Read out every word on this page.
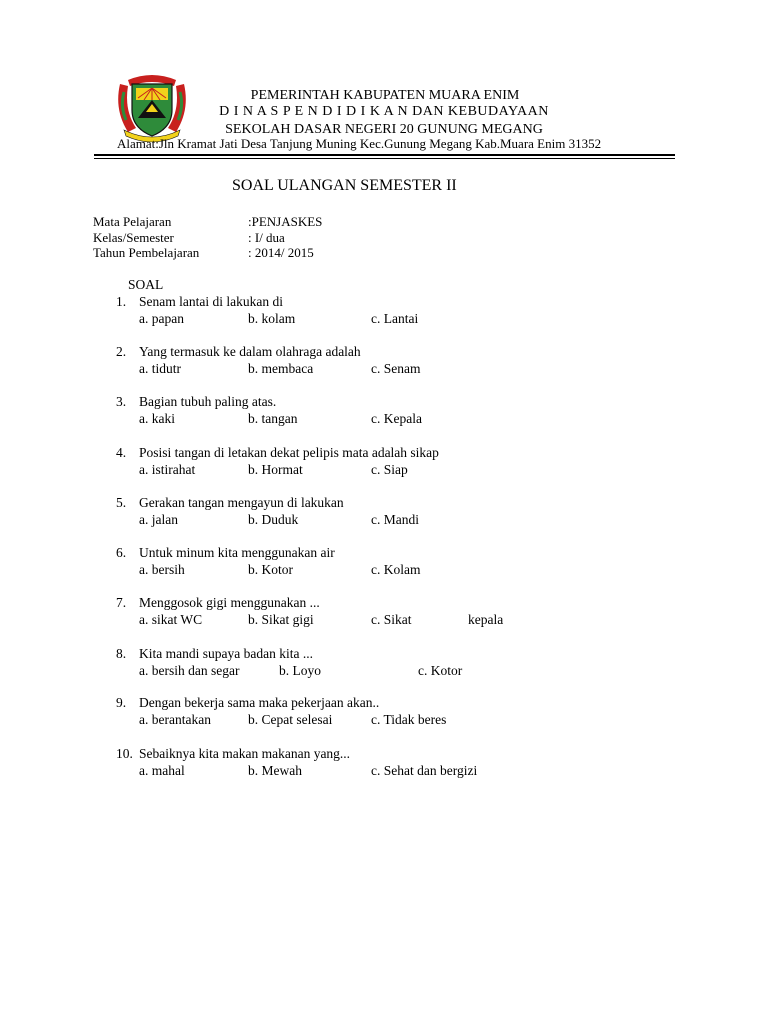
PEMERINTAH KABUPATEN MUARA ENIM
D I N A S P E N D I D I K A N DAN KEBUDAYAAN
SEKOLAH DASAR NEGERI 20 GUNUNG MEGANG
Alamat:Jln Kramat Jati Desa Tanjung Muning Kec.Gunung Megang Kab.Muara Enim 31352
SOAL ULANGAN SEMESTER II
Mata Pelajaran	:PENJASKES
Kelas/Semester	: I/ dua
Tahun Pembelajaran	: 2014/ 2015
SOAL
1. Senam lantai di lakukan di
a. papan	b. kolam	c. Lantai
2. Yang termasuk ke dalam olahraga adalah
a. tidutr	b. membaca	c. Senam
3. Bagian tubuh paling atas.
a. kaki	b. tangan	c. Kepala
4. Posisi tangan di letakan dekat pelipis mata adalah sikap
a. istirahat	b. Hormat	c. Siap
5. Gerakan tangan mengayun di lakukan
a. jalan	b. Duduk	c. Mandi
6. Untuk minum kita menggunakan air
a. bersih	b. Kotor	c. Kolam
7. Menggosok gigi menggunakan ...
a. sikat WC	b. Sikat gigi	c. Sikat	kepala
8. Kita mandi supaya badan kita ...
a. bersih dan segar	b. Loyo	c. Kotor
9. Dengan bekerja sama maka pekerjaan akan..
a. berantakan	b. Cepat selesai	c. Tidak beres
10. Sebaiknya kita makan makanan yang...
a. mahal	b. Mewah	c. Sehat dan bergizi
